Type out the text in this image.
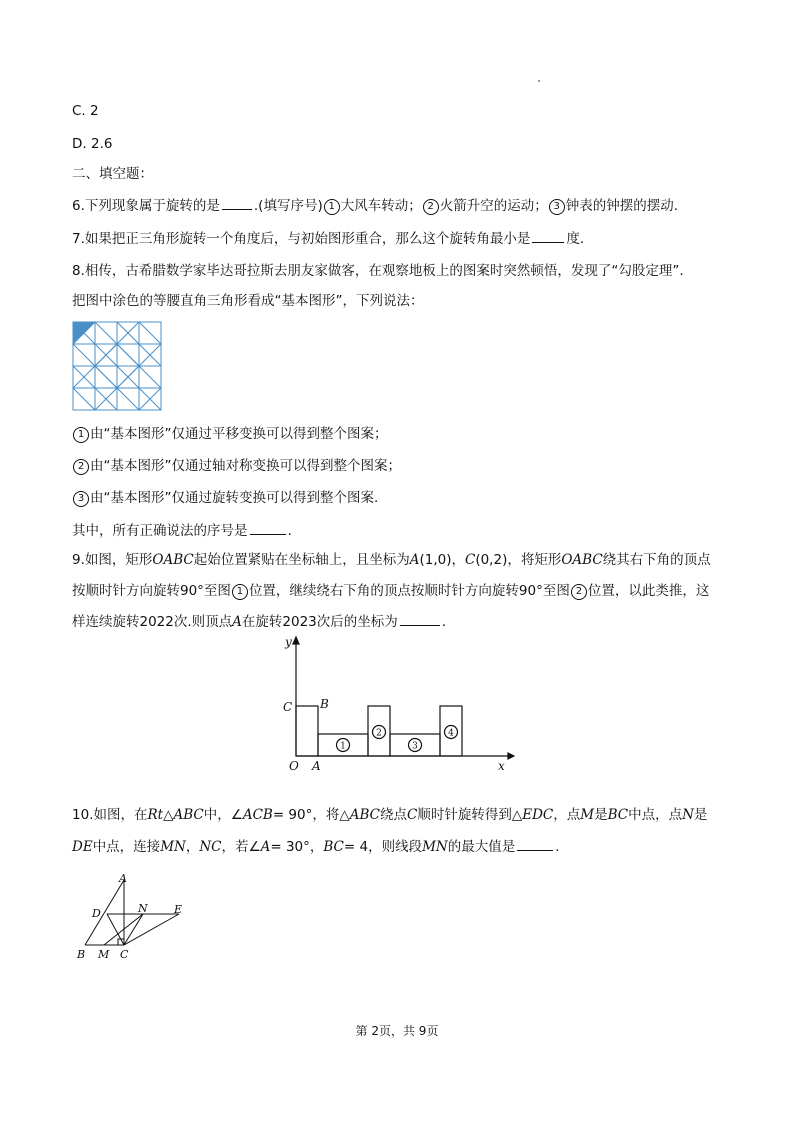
C. 2
D. 2.6
二、填空题：
6.下列现象属于旋转的是	.(填写序号) 1 大风车转动； 2 火箭升空的运动； 3 钟表的钟摆的摆动.
7.如果把正三角形旋转一个角度后，与初始图形重合，那么这个旋转角最小是	度.
8.相传，古希腊数学家毕达哥拉斯去朋友家做客，在观察地板上的图案时突然顿悟，发现了“勾股定理”.
把图中涂色的等腰直角三角形看成“基本图形”，下列说法：
1 由“基本图形”仅通过平移变换可以得到整个图案；
2 由“基本图形”仅通过轴对称变换可以得到整个图案；
3 由“基本图形”仅通过旋转变换可以得到整个图案.
其中，所有正确说法的序号是	.
9.如图，矩形OABC起始位置紧贴在坐标轴上，且坐标为A(1,0)，C(0,2)，将矩形OABC绕其右下角的顶点
按顺时针方向旋转90°至图 1 位置，继续绕右下角的顶点按顺时针方向旋转90°至图 2 位置，以此类推，这
样连续旋转2022次.则顶点A在旋转2023次后的坐标为	.
y
x
C B
O A
1
2
3
4
10.如图，在Rt△ABC中，∠ACB= 90°，将△ABC绕点C顺时针旋转得到△EDC，点M是BC中点，点N是
DE中点，连接MN，NC，若∠A= 30°，BC= 4，则线段MN的最大值是	.
A
D	N E
B M C
第 2页，共 9页
